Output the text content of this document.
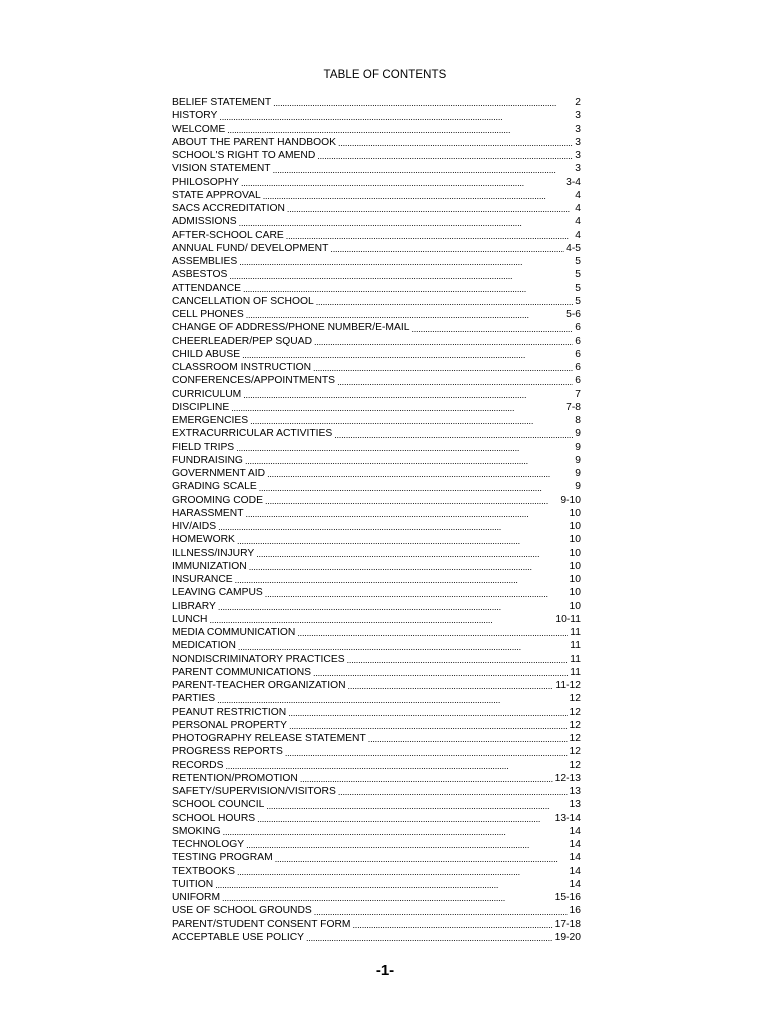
TABLE OF CONTENTS
BELIEF STATEMENT . . .	2
HISTORY . . .	3
WELCOME . . .	3
ABOUT THE PARENT HANDBOOK . . .	3
SCHOOL'S RIGHT TO AMEND . . .	3
VISION STATEMENT . . .	3
PHILOSOPHY . . .	3-4
STATE APPROVAL . . .	4
SACS ACCREDITATION . . .	4
ADMISSIONS . . .	4
AFTER-SCHOOL CARE . . .	4
ANNUAL FUND/ DEVELOPMENT . . .	4-5
ASSEMBLIES . . .	5
ASBESTOS . . .	5
ATTENDANCE . . .	5
CANCELLATION OF SCHOOL . . .	5
CELL PHONES . . .	5-6
CHANGE OF ADDRESS/PHONE NUMBER/E-MAIL . . .	6
CHEERLEADER/PEP SQUAD . . .	6
CHILD ABUSE . . .	6
CLASSROOM INSTRUCTION . . .	6
CONFERENCES/APPOINTMENTS . . .	6
CURRICULUM . . .	7
DISCIPLINE . . .	7-8
EMERGENCIES . . .	8
EXTRACURRICULAR ACTIVITIES . . .	9
FIELD TRIPS . . .	9
FUNDRAISING . . .	9
GOVERNMENT AID . . .	9
GRADING SCALE . . .	9
GROOMING CODE . . .	9-10
HARASSMENT . . .	10
HIV/AIDS . . .	10
HOMEWORK . . .	10
ILLNESS/INJURY . . .	10
IMMUNIZATION . . .	10
INSURANCE . . .	10
LEAVING CAMPUS . . .	10
LIBRARY . . .	10
LUNCH . . .	10-11
MEDIA COMMUNICATION . . .	11
MEDICATION . . .	11
NONDISCRIMINATORY PRACTICES . . .	11
PARENT COMMUNICATIONS . . .	11
PARENT-TEACHER ORGANIZATION . . .	11-12
PARTIES . . .	12
PEANUT RESTRICTION . . .	12
PERSONAL PROPERTY . . .	12
PHOTOGRAPHY RELEASE STATEMENT . . .	12
PROGRESS REPORTS . . .	12
RECORDS . . .	12
RETENTION/PROMOTION . . .	12-13
SAFETY/SUPERVISION/VISITORS . . .	13
SCHOOL COUNCIL . . .	13
SCHOOL HOURS . . .	13-14
SMOKING . . .	14
TECHNOLOGY . . .	14
TESTING PROGRAM . . .	14
TEXTBOOKS . . .	14
TUITION . . .	14
UNIFORM . . .	15-16
USE OF SCHOOL GROUNDS . . .	16
PARENT/STUDENT CONSENT FORM . . .	17-18
ACCEPTABLE USE POLICY . . .	19-20
-1-
